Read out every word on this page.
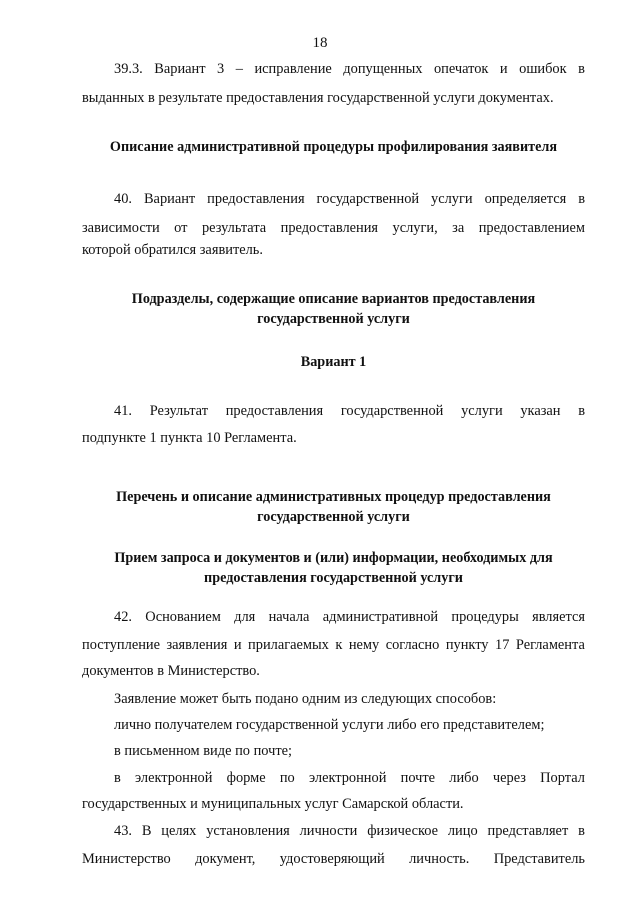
18
39.3. Вариант 3 – исправление допущенных опечаток и ошибок в
выданных в результате предоставления государственной услуги документах.
Описание административной процедуры профилирования заявителя
40. Вариант предоставления государственной услуги определяется в
зависимости от результата предоставления услуги, за предоставлением
которой обратился заявитель.
Подразделы, содержащие описание вариантов предоставления
государственной услуги
Вариант 1
41. Результат предоставления государственной услуги указан в
подпункте 1 пункта 10 Регламента.
Перечень и описание административных процедур предоставления
государственной услуги
Прием запроса и документов и (или) информации, необходимых для
предоставления государственной услуги
42. Основанием для начала административной процедуры является
поступление заявления и прилагаемых к нему согласно пункту 17 Регламента
документов в Министерство.
Заявление может быть подано одним из следующих способов:
лично получателем государственной услуги либо его представителем;
в письменном виде по почте;
в электронной форме по электронной почте либо через Портал
государственных и муниципальных услуг Самарской области.
43. В целях установления личности физическое лицо представляет в
Министерство документ, удостоверяющий личность. Представитель
